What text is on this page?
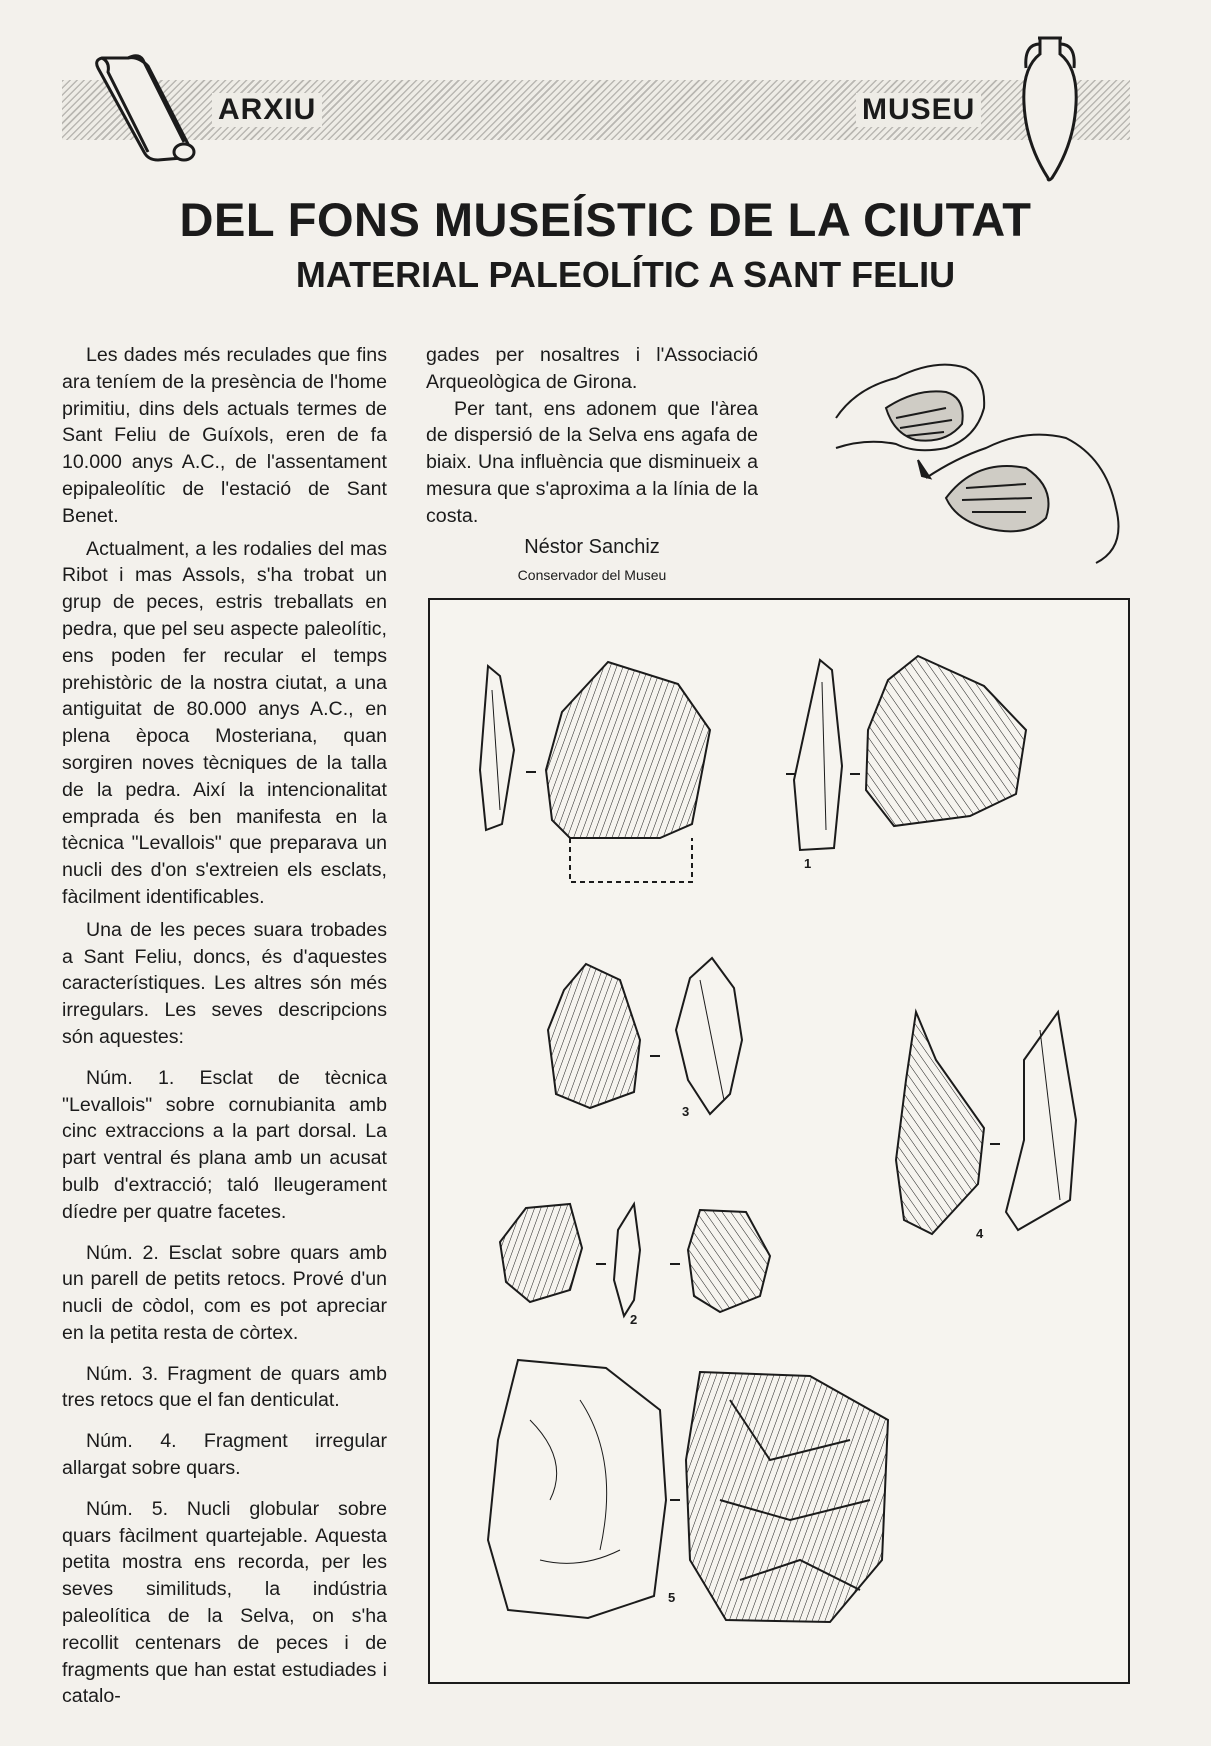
ARXIU	MUSEU
DEL FONS MUSEÍSTIC DE LA CIUTAT
MATERIAL PALEOLÍTIC A SANT FELIU

Les dades més reculades que fins ara teníem de la presència de l'home primitiu, dins dels actuals termes de Sant Feliu de Guíxols, eren de fa 10.000 anys A.C., de l'assentament epipaleolític de l'estació de Sant Benet.

Actualment, a les rodalies del mas Ribot i mas Assols, s'ha trobat un grup de peces, estris treballats en pedra, que pel seu aspecte paleolític, ens poden fer recular el temps prehistòric de la nostra ciutat, a una antiguitat de 80.000 anys A.C., en plena època Mosteriana, quan sorgiren noves tècniques de la talla de la pedra. Així la intencionalitat emprada és ben manifesta en la tècnica "Levallois" que preparava un nucli des d'on s'extreien els esclats, fàcilment identificables.

Una de les peces suara trobades a Sant Feliu, doncs, és d'aquestes característiques. Les altres són més irregulars. Les seves descripcions són aquestes:

Núm. 1. Esclat de tècnica "Levallois" sobre cornubianita amb cinc extraccions a la part dorsal. La part ventral és plana amb un acusat bulb d'extracció; taló lleugerament díedre per quatre facetes.

Núm. 2. Esclat sobre quars amb un parell de petits retocs. Prové d'un nucli de còdol, com es pot apreciar en la petita resta de còrtex.

Núm. 3. Fragment de quars amb tres retocs que el fan denticulat.

Núm. 4. Fragment irregular allargat sobre quars.

Núm. 5. Nucli globular sobre quars fàcilment quartejable. Aquesta petita mostra ens recorda, per les seves similituds, la indústria paleolítica de la Selva, on s'ha recollit centenars de peces i de fragments que han estat estudiades i catalo-

gades per nosaltres i l'Associació Arqueològica de Girona.

Per tant, ens adonem que l'àrea de dispersió de la Selva ens agafa de biaix. Una influència que disminueix a mesura que s'aproxima a la línia de la costa.

Néstor Sanchiz
Conservador del Museu
1
2
3
4
5
